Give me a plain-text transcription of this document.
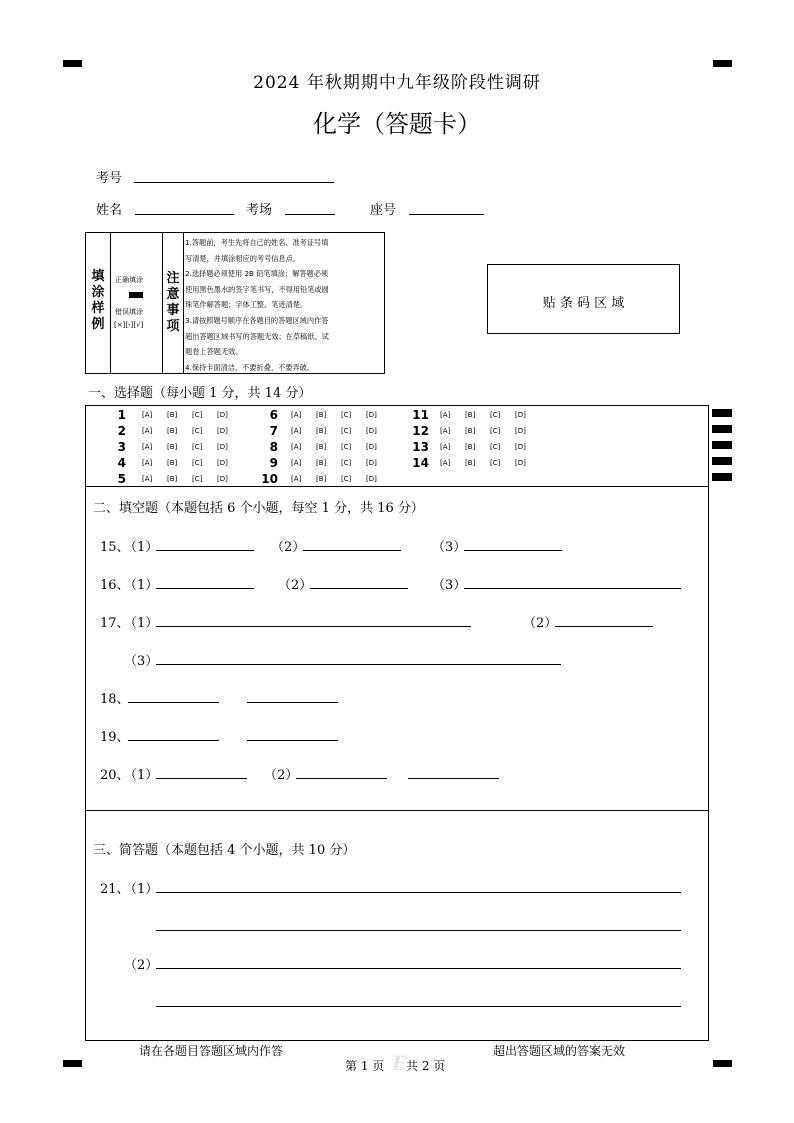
2024 年秋期期中九年级阶段性调研
化学（答题卡）
考号
姓名	考场	座号
填涂样例
正确填涂
错误填涂
[×][-][√]
注意事项
1.答题前，考生先将自己的姓名、准考证号填
写清楚，并填涂相应的考号信息点。
2.选择题必须使用 2B 铅笔填涂；解答题必须
使用黑色墨水的签字笔书写，不得用铅笔或圆
珠笔作解答题；字体工整、笔迹清楚。
3.请按照题号顺序在各题目的答题区域内作答
超出答题区域书写的答题无效；在草稿纸、试
题卷上答题无效。
4.保持卡面清洁，不要折叠、不要弄破。
贴 条 码 区 域
一、选择题（每小题 1 分，共 14 分）
1 [A] [B] [C] [D]
2 [A] [B] [C] [D]
3 [A] [B] [C] [D]
4 [A] [B] [C] [D]
5 [A] [B] [C] [D]
6 [A] [B] [C] [D]
7 [A] [B] [C] [D]
8 [A] [B] [C] [D]
9 [A] [B] [C] [D]
10 [A] [B] [C] [D]
11 [A] [B] [C] [D]
12 [A] [B] [C] [D]
13 [A] [B] [C] [D]
14 [A] [B] [C] [D]
二、填空题（本题包括 6 个小题，每空 1 分，共 16 分）
15、
（1）	（2）	（3）
16、
（1）	（2）	（3）
17、
（1）	（2）
（3）
18、
19、
20、
（1）	（2）
三、简答题（本题包括 4 个小题，共 10 分）
21、
（1）
（2）
请在各题目答题区域内作答	超出答题区域的答案无效
第 1 页 F 共 2 页
